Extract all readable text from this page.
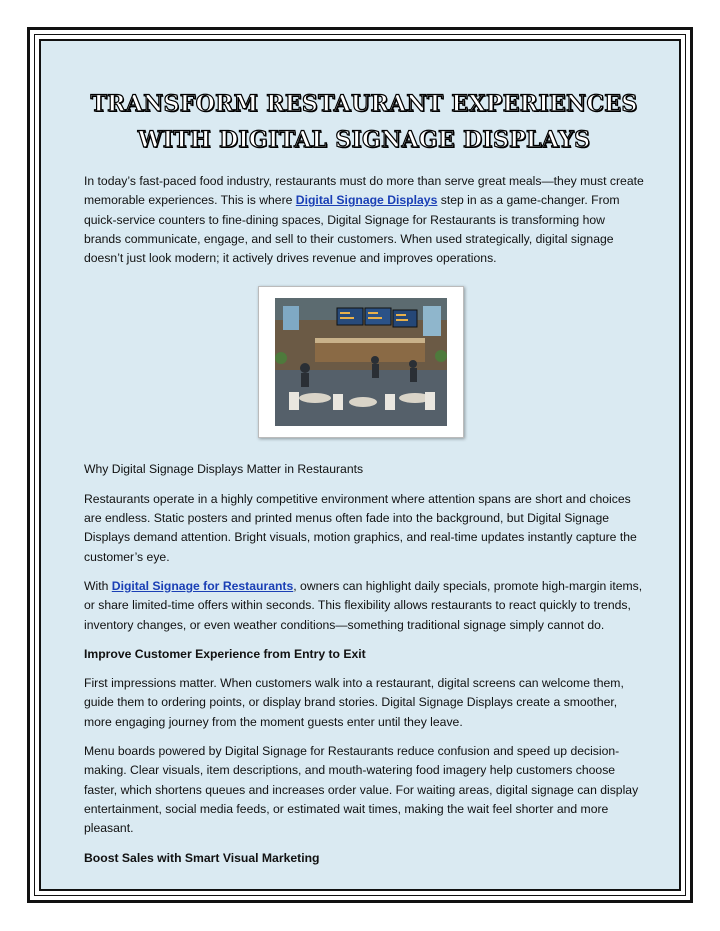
TRANSFORM RESTAURANT EXPERIENCES
WITH DIGITAL SIGNAGE DISPLAYS

In today’s fast-paced food industry, restaurants must do more than serve great meals—they must create memorable experiences. This is where Digital Signage Displays step in as a game-changer. From quick-service counters to fine-dining spaces, Digital Signage for Restaurants is transforming how brands communicate, engage, and sell to their customers. When used strategically, digital signage doesn’t just look modern; it actively drives revenue and improves operations.

Why Digital Signage Displays Matter in Restaurants

Restaurants operate in a highly competitive environment where attention spans are short and choices are endless. Static posters and printed menus often fade into the background, but Digital Signage Displays demand attention. Bright visuals, motion graphics, and real-time updates instantly capture the customer’s eye.

With Digital Signage for Restaurants, owners can highlight daily specials, promote high-margin items, or share limited-time offers within seconds. This flexibility allows restaurants to react quickly to trends, inventory changes, or even weather conditions—something traditional signage simply cannot do.

Improve Customer Experience from Entry to Exit

First impressions matter. When customers walk into a restaurant, digital screens can welcome them, guide them to ordering points, or display brand stories. Digital Signage Displays create a smoother, more engaging journey from the moment guests enter until they leave.

Menu boards powered by Digital Signage for Restaurants reduce confusion and speed up decision-making. Clear visuals, item descriptions, and mouth-watering food imagery help customers choose faster, which shortens queues and increases order value. For waiting areas, digital signage can display entertainment, social media feeds, or estimated wait times, making the wait feel shorter and more pleasant.

Boost Sales with Smart Visual Marketing
